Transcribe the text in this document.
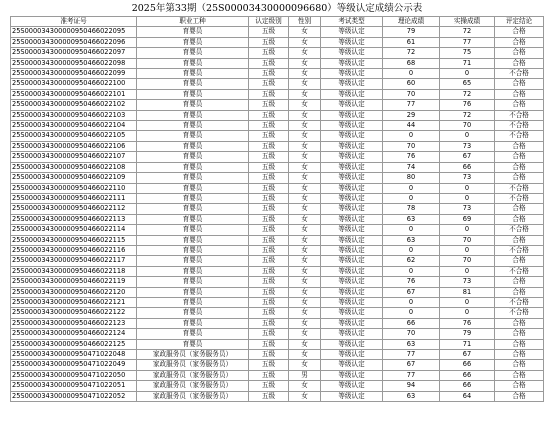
2025年第33期（25S00003430000096680）等级认定成绩公示表
准考证号	职业工种	认定级别	性别	考试类型	理论成绩	实操成绩	评定结论
25S000034300000950466022095	育婴员	五级	女	等级认定	79	72	合格
25S000034300000950466022096	育婴员	五级	女	等级认定	61	77	合格
25S000034300000950466022097	育婴员	五级	女	等级认定	72	75	合格
25S000034300000950466022098	育婴员	五级	女	等级认定	68	71	合格
25S000034300000950466022099	育婴员	五级	女	等级认定	0	0	不合格
25S000034300000950466022100	育婴员	五级	女	等级认定	60	65	合格
25S000034300000950466022101	育婴员	五级	女	等级认定	70	72	合格
25S000034300000950466022102	育婴员	五级	女	等级认定	77	76	合格
25S000034300000950466022103	育婴员	五级	女	等级认定	29	72	不合格
25S000034300000950466022104	育婴员	五级	女	等级认定	44	70	不合格
25S000034300000950466022105	育婴员	五级	女	等级认定	0	0	不合格
25S000034300000950466022106	育婴员	五级	女	等级认定	70	73	合格
25S000034300000950466022107	育婴员	五级	女	等级认定	76	67	合格
25S000034300000950466022108	育婴员	五级	女	等级认定	74	66	合格
25S000034300000950466022109	育婴员	五级	女	等级认定	80	73	合格
25S000034300000950466022110	育婴员	五级	女	等级认定	0	0	不合格
25S000034300000950466022111	育婴员	五级	女	等级认定	0	0	不合格
25S000034300000950466022112	育婴员	五级	女	等级认定	78	73	合格
25S000034300000950466022113	育婴员	五级	女	等级认定	63	69	合格
25S000034300000950466022114	育婴员	五级	女	等级认定	0	0	不合格
25S000034300000950466022115	育婴员	五级	女	等级认定	63	70	合格
25S000034300000950466022116	育婴员	五级	女	等级认定	0	0	不合格
25S000034300000950466022117	育婴员	五级	女	等级认定	62	70	合格
25S000034300000950466022118	育婴员	五级	女	等级认定	0	0	不合格
25S000034300000950466022119	育婴员	五级	女	等级认定	76	73	合格
25S000034300000950466022120	育婴员	五级	女	等级认定	67	81	合格
25S000034300000950466022121	育婴员	五级	女	等级认定	0	0	不合格
25S000034300000950466022122	育婴员	五级	女	等级认定	0	0	不合格
25S000034300000950466022123	育婴员	五级	女	等级认定	66	76	合格
25S000034300000950466022124	育婴员	五级	女	等级认定	70	79	合格
25S000034300000950466022125	育婴员	五级	女	等级认定	63	71	合格
25S000034300000950471022048	家政服务员（家务服务员）	五级	女	等级认定	77	67	合格
25S000034300000950471022049	家政服务员（家务服务员）	五级	女	等级认定	67	66	合格
25S000034300000950471022050	家政服务员（家务服务员）	五级	男	等级认定	77	66	合格
25S000034300000950471022051	家政服务员（家务服务员）	五级	女	等级认定	94	66	合格
25S000034300000950471022052	家政服务员（家务服务员）	五级	女	等级认定	63	64	合格
